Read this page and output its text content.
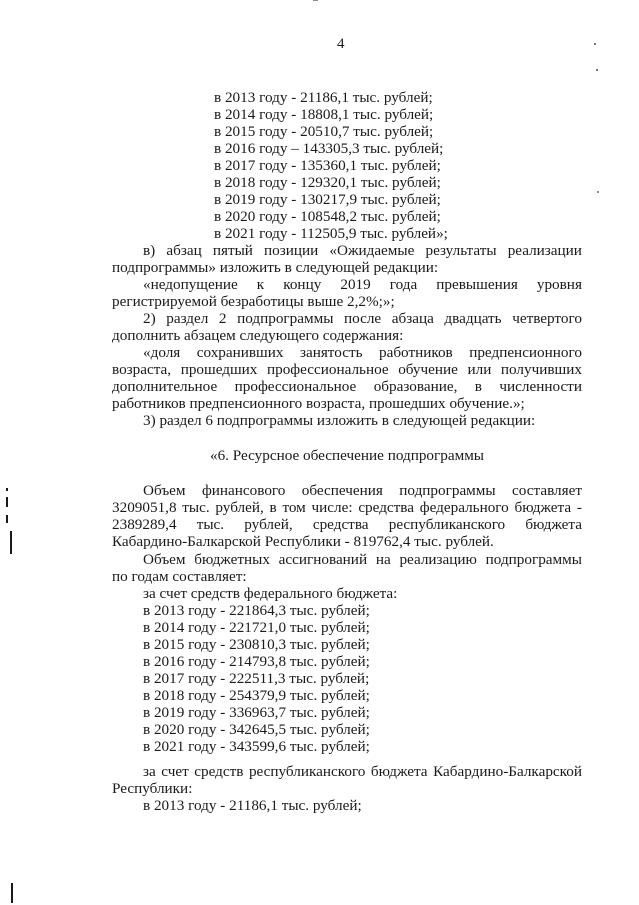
4
в 2013 году - 21186,1 тыс. рублей;
в 2014 году - 18808,1 тыс. рублей;
в 2015 году - 20510,7 тыс. рублей;
в 2016 году – 143305,3 тыс. рублей;
в 2017 году - 135360,1 тыс. рублей;
в 2018 году - 129320,1 тыс. рублей;
в 2019 году - 130217,9 тыс. рублей;
в 2020 году - 108548,2 тыс. рублей;
в 2021 году - 112505,9 тыс. рублей»;
в) абзац пятый позиции «Ожидаемые результаты реализации
подпрограммы» изложить в следующей редакции:
«недопущение к концу 2019 года превышения уровня
регистрируемой безработицы выше 2,2%;»;
2) раздел 2 подпрограммы после абзаца двадцать четвертого
дополнить абзацем следующего содержания:
«доля сохранивших занятость работников предпенсионного
возраста, прошедших профессиональное обучение или получивших
дополнительное профессиональное образование, в численности
работников предпенсионного возраста, прошедших обучение.»;
3) раздел 6 подпрограммы изложить в следующей редакции:
«6. Ресурсное обеспечение подпрограммы
Объем финансового обеспечения подпрограммы составляет
3209051,8 тыс. рублей, в том числе: средства федерального бюджета -
2389289,4 тыс. рублей, средства республиканского бюджета
Кабардино-Балкарской Республики - 819762,4 тыс. рублей.
Объем бюджетных ассигнований на реализацию подпрограммы
по годам составляет:
за счет средств федерального бюджета:
в 2013 году - 221864,3 тыс. рублей;
в 2014 году - 221721,0 тыс. рублей;
в 2015 году - 230810,3 тыс. рублей;
в 2016 году - 214793,8 тыс. рублей;
в 2017 году - 222511,3 тыс. рублей;
в 2018 году - 254379,9 тыс. рублей;
в 2019 году - 336963,7 тыс. рублей;
в 2020 году - 342645,5 тыс. рублей;
в 2021 году - 343599,6 тыс. рублей;
за счет средств республиканского бюджета Кабардино-Балкарской
Республики:
в 2013 году - 21186,1 тыс. рублей;
